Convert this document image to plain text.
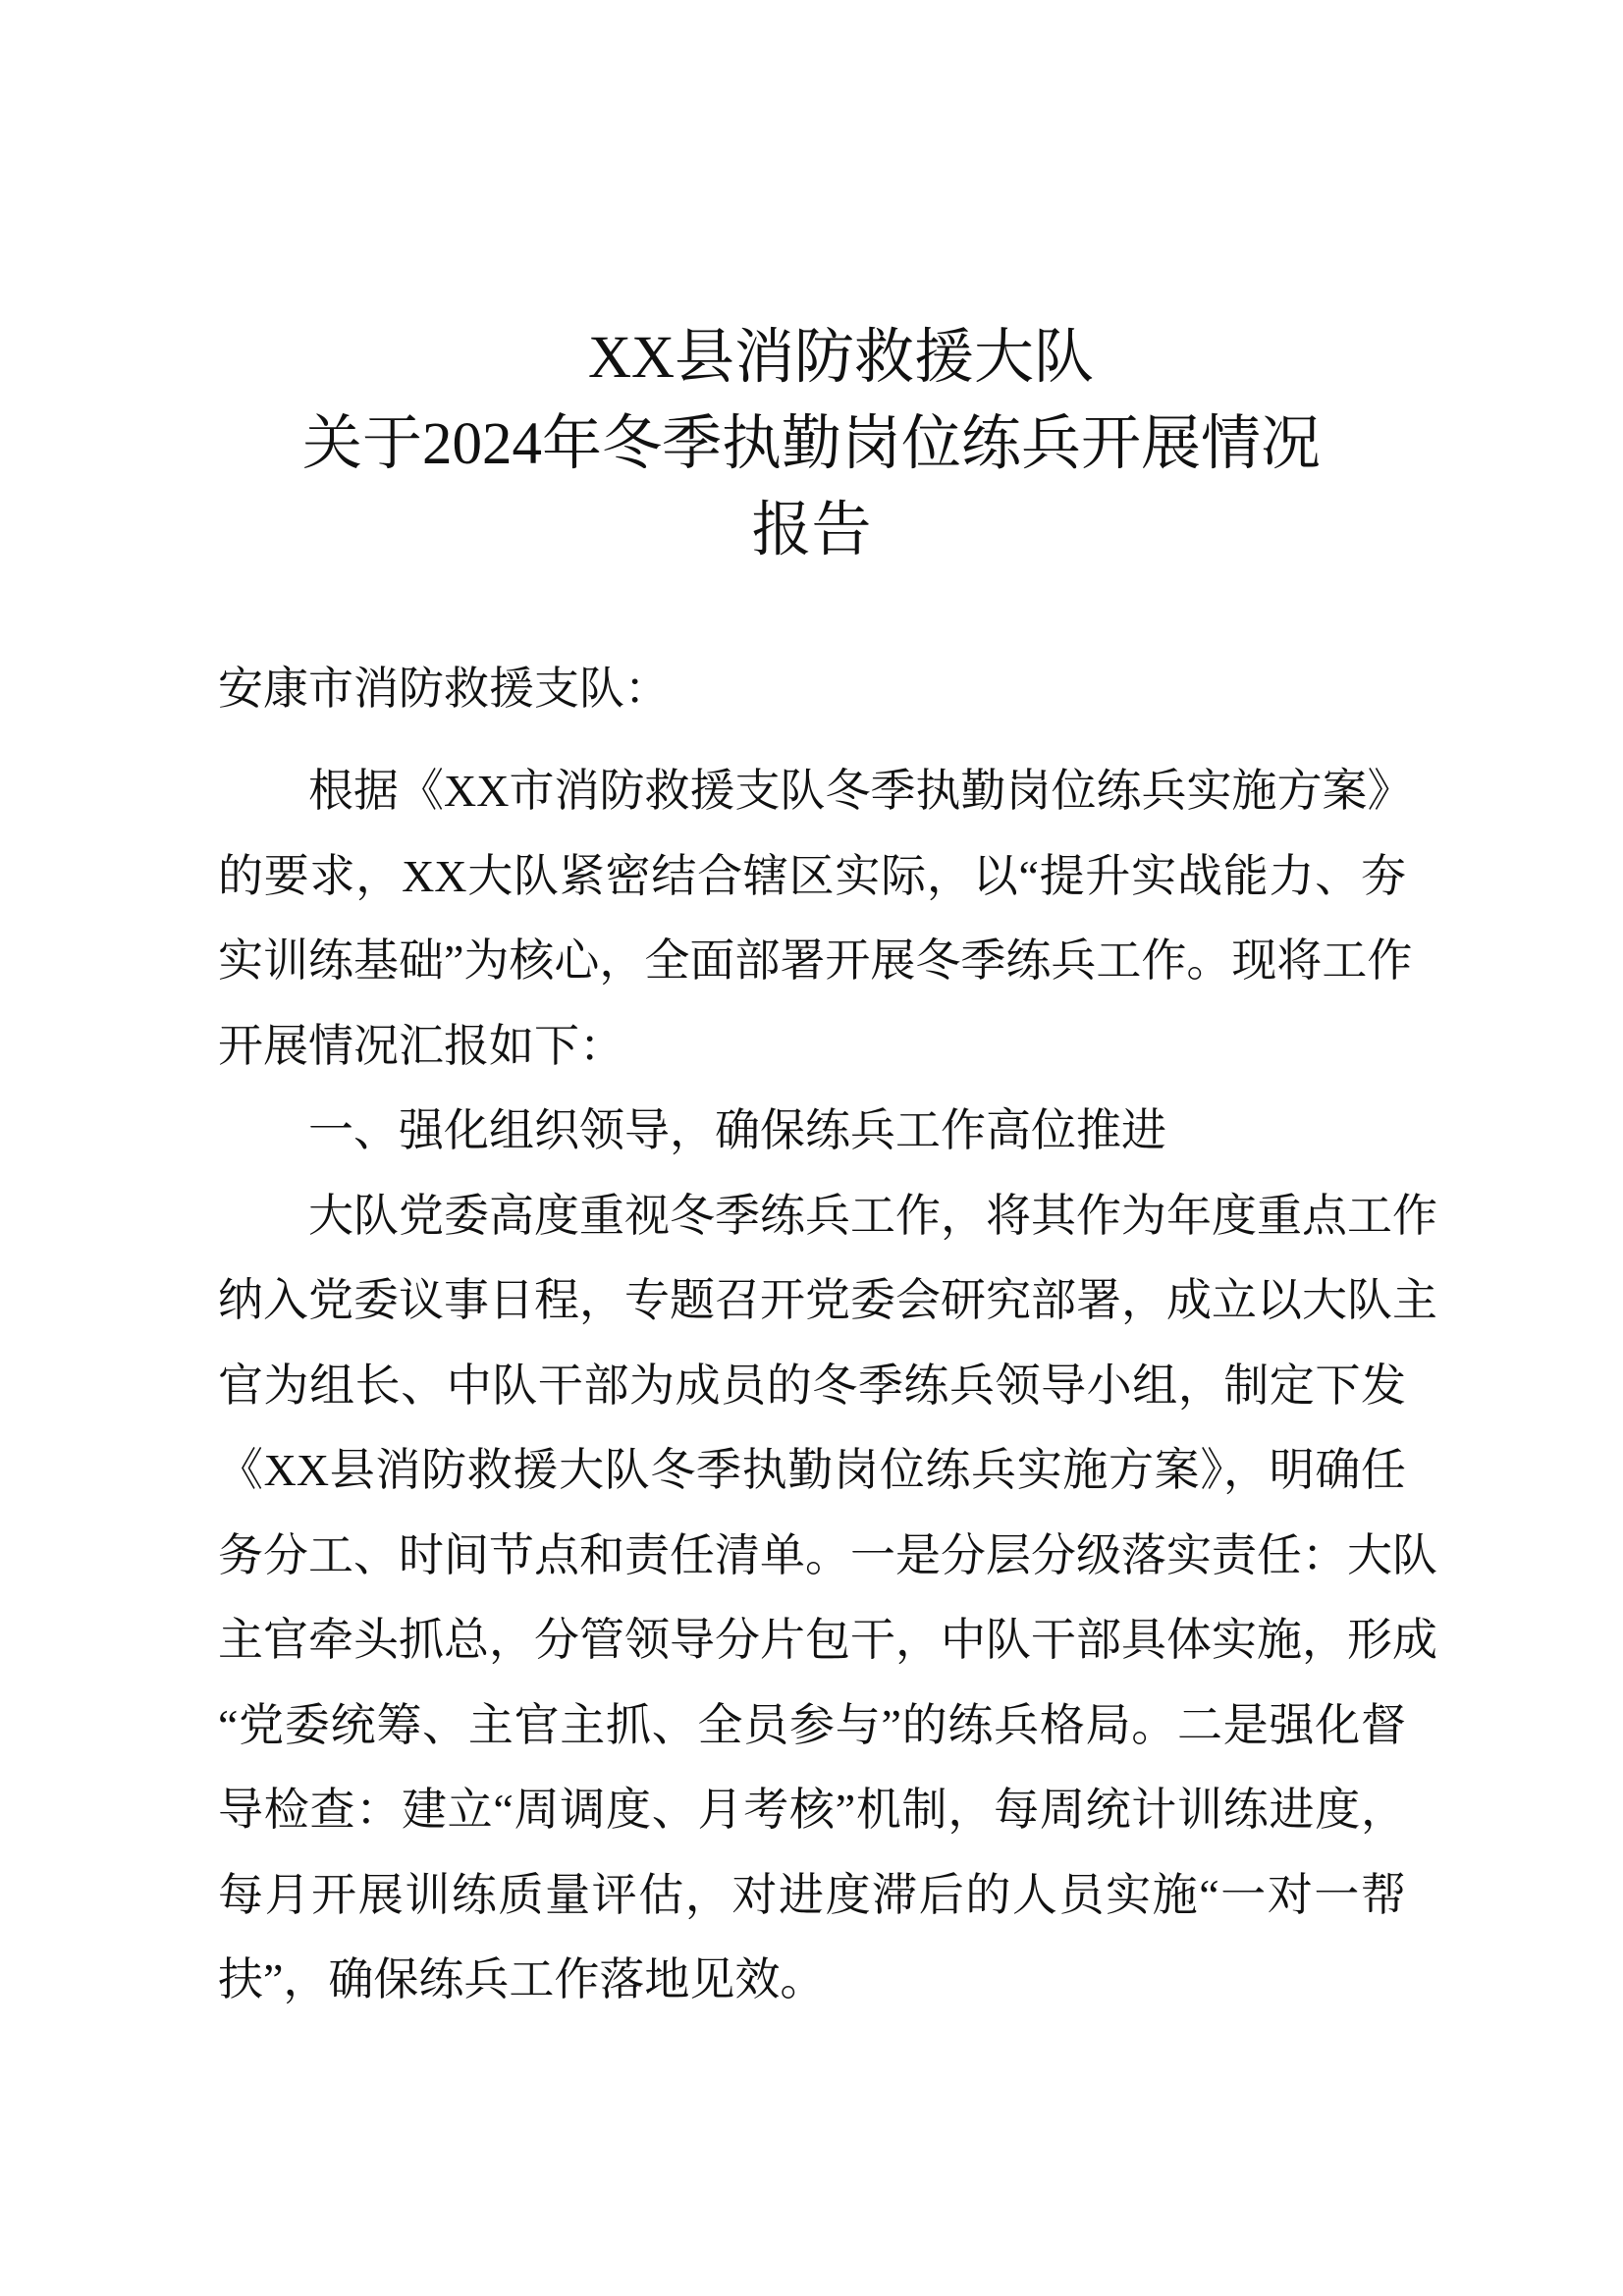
XX县消防救援大队
关于2024年冬季执勤岗位练兵开展情况
报告
安康市消防救援支队：
根据《XX市消防救援支队冬季执勤岗位练兵实施方案》
的要求，XX大队紧密结合辖区实际，以“提升实战能力、夯
实训练基础”为核心，全面部署开展冬季练兵工作。现将工作
开展情况汇报如下：
一、强化组织领导，确保练兵工作高位推进
大队党委高度重视冬季练兵工作，将其作为年度重点工作
纳入党委议事日程，专题召开党委会研究部署，成立以大队主
官为组长、中队干部为成员的冬季练兵领导小组，制定下发
《XX县消防救援大队冬季执勤岗位练兵实施方案》，明确任
务分工、时间节点和责任清单。一是分层分级落实责任：大队
主官牵头抓总，分管领导分片包干，中队干部具体实施，形成
“党委统筹、主官主抓、全员参与”的练兵格局。二是强化督
导检查：建立“周调度、月考核”机制，每周统计训练进度，
每月开展训练质量评估，对进度滞后的人员实施“一对一帮
扶”，确保练兵工作落地见效。
